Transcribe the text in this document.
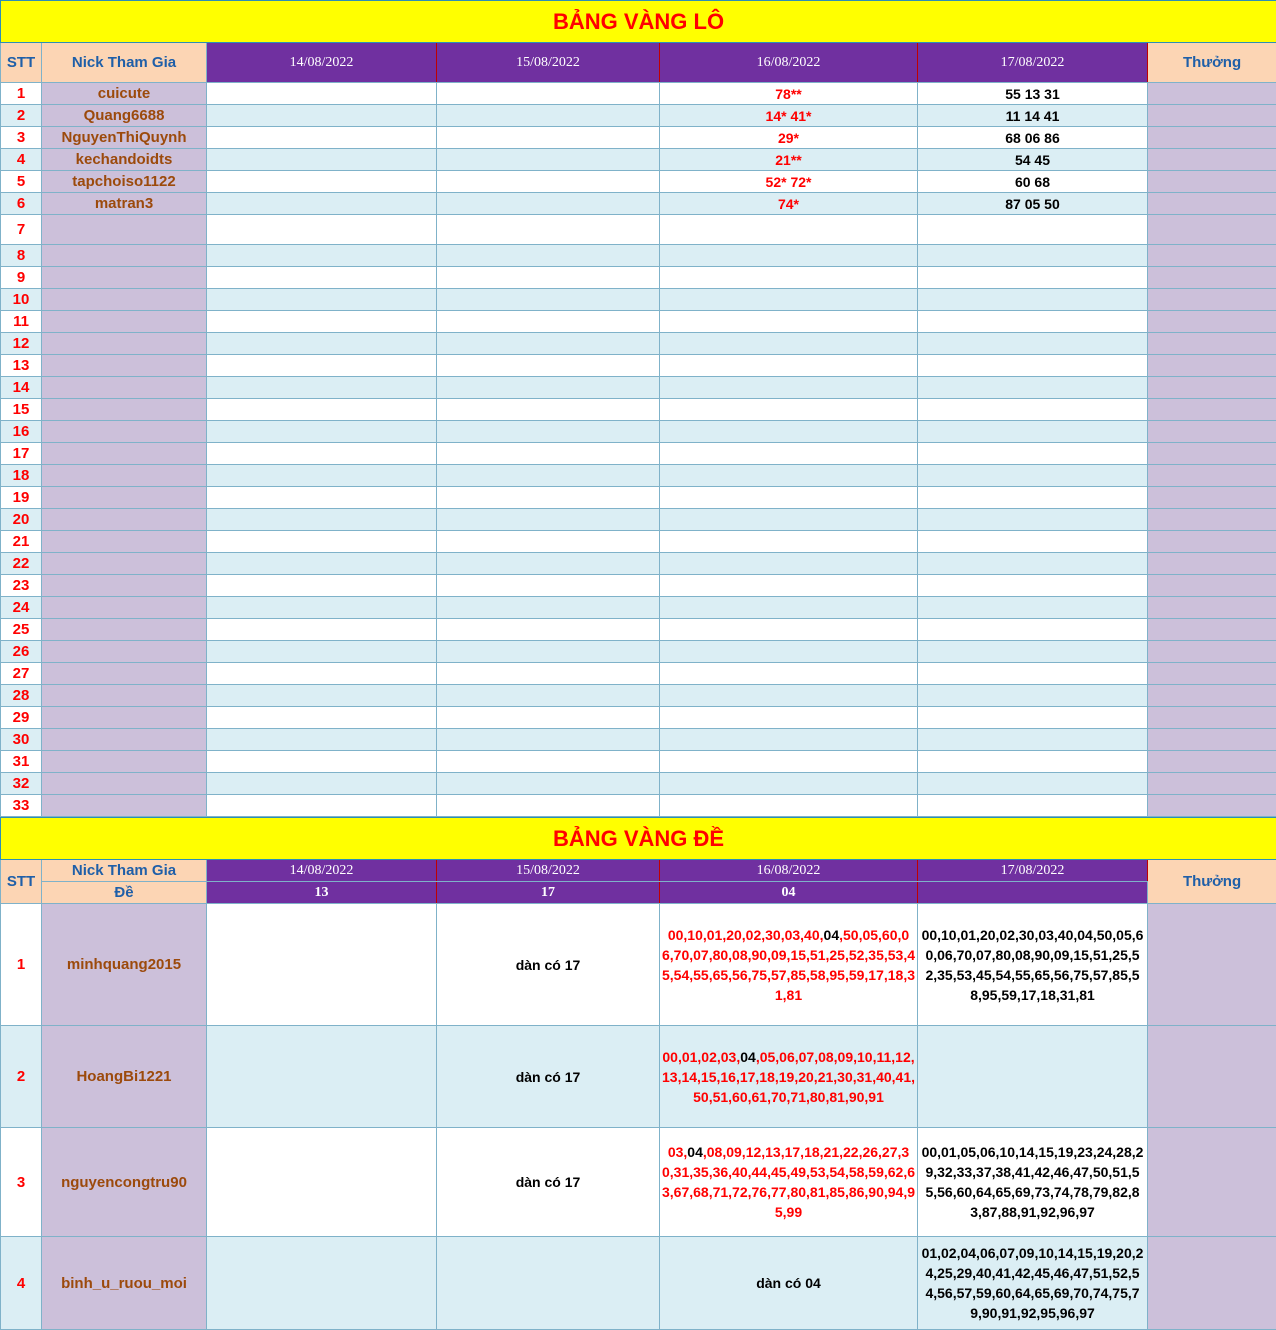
BẢNG VÀNG LÔ						
STT	Nick Tham Gia	14/08/2022	15/08/2022	16/08/2022	17/08/2022	Thưởng
1	cuicute			78**	55 13 31	
2	Quang6688			14* 41*	11 14 41	
3	NguyenThiQuynh			29*	68 06 86	
4	kechandoidts			21**	54 45	
5	tapchoiso1122			52* 72*	60 68	
6	matran3			74*	87 05 50	
7						
8						
9						
10						
11						
12						
13						
14						
15						
16						
17						
18						
19						
20						
21						
22						
23						
24						
25						
26						
27						
28						
29						
30						
31						
32						
33						
BẢNG VÀNG ĐỀ						
STT	Nick Tham Gia	14/08/2022	15/08/2022	16/08/2022	17/08/2022	Thưởng
	Đề	13	17	04		
1	minhquang2015		dàn có 17	00,10,01,20,02,30,03,40,04,50,05,60,06,70,07,80,08,90,09,15,51,25,52,35,53,45,54,55,65,56,75,57,85,58,95,59,17,18,31,81	00,10,01,20,02,30,03,40,04,50,05,60,06,70,07,80,08,90,09,15,51,25,52,35,53,45,54,55,65,56,75,57,85,58,95,59,17,18,31,81	
2	HoangBi1221		dàn có 17	00,01,02,03,04,05,06,07,08,09,10,11,12,13,14,15,16,17,18,19,20,21,30,31,40,41,50,51,60,61,70,71,80,81,90,91		
3	nguyencongtru90		dàn có 17	03,04,08,09,12,13,17,18,21,22,26,27,30,31,35,36,40,44,45,49,53,54,58,59,62,63,67,68,71,72,76,77,80,81,85,86,90,94,95,99	00,01,05,06,10,14,15,19,23,24,28,29,32,33,37,38,41,42,46,47,50,51,55,56,60,64,65,69,73,74,78,79,82,83,87,88,91,92,96,97	
4	binh_u_ruou_moi			dàn có 04	01,02,04,06,07,09,10,14,15,19,20,24,25,29,40,41,42,45,46,47,51,52,54,56,57,59,60,64,65,69,70,74,75,79,90,91,92,95,96,97	
